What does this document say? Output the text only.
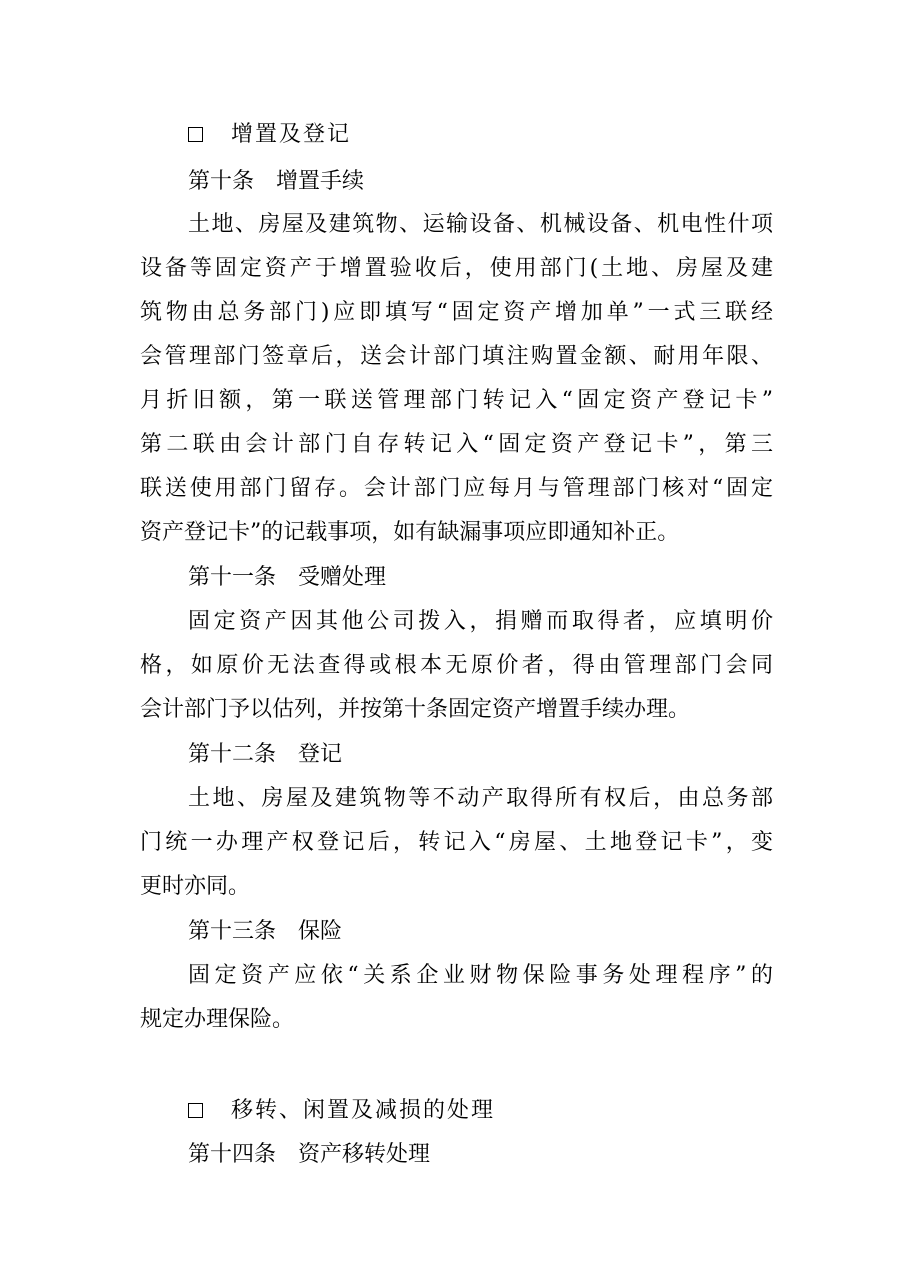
增置及登记
第十条 增置手续
土地、房屋及建筑物、运输设备、机械设备、机电性什项
设备等固定资产于增置验收后，使用部门(土地、房屋及建
筑物由总务部门)应即填写“固定资产增加单”一式三联经
会管理部门签章后，送会计部门填注购置金额、耐用年限、
月折旧额，第一联送管理部门转记入“固定资产登记卡”
第二联由会计部门自存转记入“固定资产登记卡”，第三
联送使用部门留存。会计部门应每月与管理部门核对“固定
资产登记卡”的记载事项，如有缺漏事项应即通知补正。
第十一条 受赠处理
固定资产因其他公司拨入，捐赠而取得者，应填明价
格，如原价无法查得或根本无原价者，得由管理部门会同
会计部门予以估列，并按第十条固定资产增置手续办理。
第十二条 登记
土地、房屋及建筑物等不动产取得所有权后，由总务部
门统一办理产权登记后，转记入“房屋、土地登记卡”，变
更时亦同。
第十三条 保险
固定资产应依“关系企业财物保险事务处理程序”的
规定办理保险。
移转、闲置及减损的处理
第十四条 资产移转处理
